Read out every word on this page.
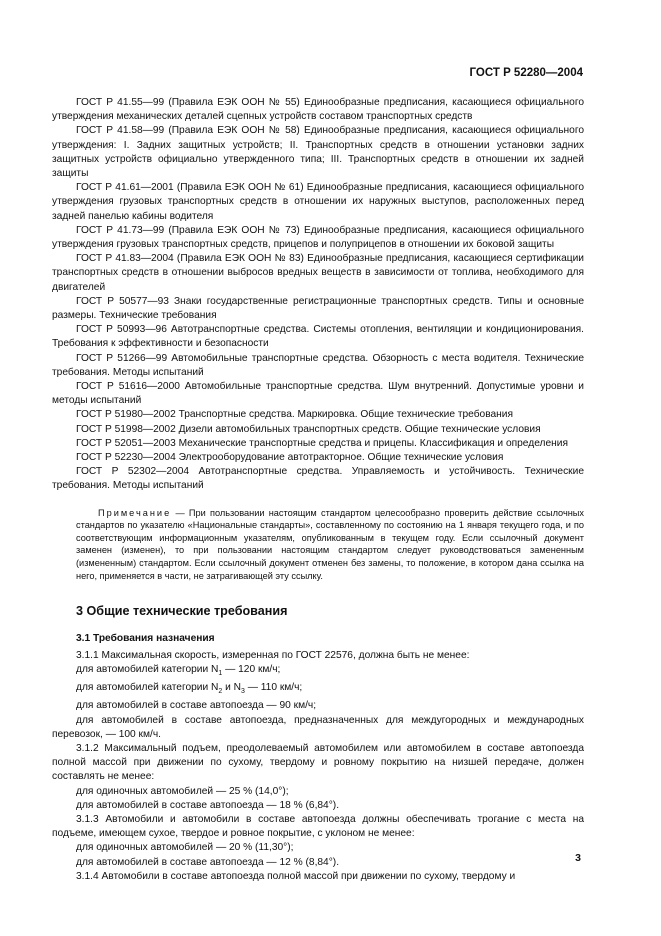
ГОСТ Р 52280—2004

ГОСТ Р 41.55—99 (Правила ЕЭК ООН № 55) Единообразные предписания, касающиеся официального утверждения механических деталей сцепных устройств составом транспортных средств

ГОСТ Р 41.58—99 (Правила ЕЭК ООН № 58) Единообразные предписания, касающиеся официального утверждения: I. Задних защитных устройств; II. Транспортных средств в отношении установки задних защитных устройств официально утвержденного типа; III. Транспортных средств в отношении их задней защиты

ГОСТ Р 41.61—2001 (Правила ЕЭК ООН № 61) Единообразные предписания, касающиеся официального утверждения грузовых транспортных средств в отношении их наружных выступов, расположенных перед задней панелью кабины водителя

ГОСТ Р 41.73—99 (Правила ЕЭК ООН № 73) Единообразные предписания, касающиеся официального утверждения грузовых транспортных средств, прицепов и полуприцепов в отношении их боковой защиты

ГОСТ Р 41.83—2004 (Правила ЕЭК ООН № 83) Единообразные предписания, касающиеся сертификации транспортных средств в отношении выбросов вредных веществ в зависимости от топлива, необходимого для двигателей

ГОСТ Р 50577—93 Знаки государственные регистрационные транспортных средств. Типы и основные размеры. Технические требования

ГОСТ Р 50993—96 Автотранспортные средства. Системы отопления, вентиляции и кондиционирования. Требования к эффективности и безопасности

ГОСТ Р 51266—99 Автомобильные транспортные средства. Обзорность с места водителя. Технические требования. Методы испытаний

ГОСТ Р 51616—2000 Автомобильные транспортные средства. Шум внутренний. Допустимые уровни и методы испытаний

ГОСТ Р 51980—2002 Транспортные средства. Маркировка. Общие технические требования

ГОСТ Р 51998—2002 Дизели автомобильных транспортных средств. Общие технические условия

ГОСТ Р 52051—2003 Механические транспортные средства и прицепы. Классификация и определения

ГОСТ Р 52230—2004 Электрооборудование автотракторное. Общие технические условия

ГОСТ Р 52302—2004 Автотранспортные средства. Управляемость и устойчивость. Технические требования. Методы испытаний

Примечание — При пользовании настоящим стандартом целесообразно проверить действие ссылочных стандартов по указателю «Национальные стандарты», составленному по состоянию на 1 января текущего года, и по соответствующим информационным указателям, опубликованным в текущем году. Если ссылочный документ заменен (изменен), то при пользовании настоящим стандартом следует руководствоваться замененным (измененным) стандартом. Если ссылочный документ отменен без замены, то положение, в котором дана ссылка на него, применяется в части, не затрагивающей эту ссылку.

3 Общие технические требования
3.1 Требования назначения

3.1.1 Максимальная скорость, измеренная по ГОСТ 22576, должна быть не менее:

для автомобилей категории $N_1$ — 120 км/ч;

для автомобилей категории $N_2$ и $N_3$ — 110 км/ч;

для автомобилей в составе автопоезда — 90 км/ч;

для автомобилей в составе автопоезда, предназначенных для междугородных и международных перевозок, — 100 км/ч.

3.1.2 Максимальный подъем, преодолеваемый автомобилем или автомобилем в составе автопоезда полной массой при движении по сухому, твердому и ровному покрытию на низшей передаче, должен составлять не менее:

для одиночных автомобилей — 25 % (14,0°);

для автомобилей в составе автопоезда — 18 % (6,84°).

3.1.3 Автомобили и автомобили в составе автопоезда должны обеспечивать трогание с места на подъеме, имеющем сухое, твердое и ровное покрытие, с уклоном не менее:

для одиночных автомобилей — 20 % (11,30°);

для автомобилей в составе автопоезда — 12 % (8,84°).

3.1.4 Автомобили в составе автопоезда полной массой при движении по сухому, твердому и

3
